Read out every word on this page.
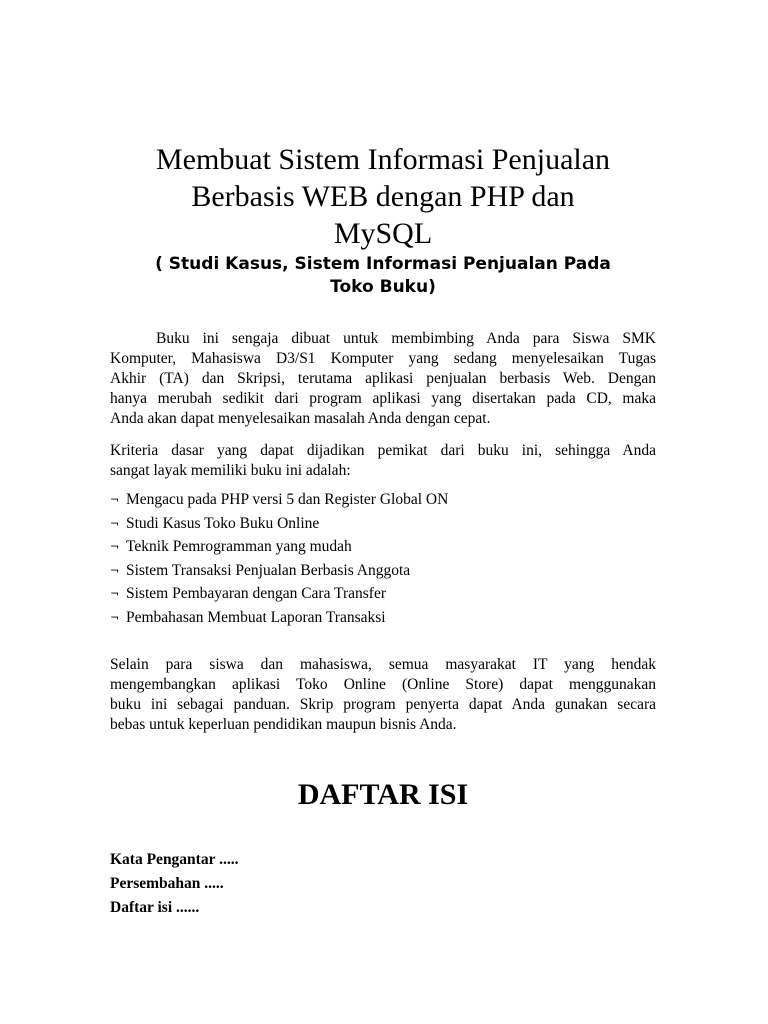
Membuat Sistem Informasi Penjualan
Berbasis WEB dengan PHP dan
MySQL
( Studi Kasus, Sistem Informasi Penjualan Pada
Toko Buku)

Buku ini sengaja dibuat untuk membimbing Anda para Siswa SMK
Komputer, Mahasiswa D3/S1 Komputer yang sedang menyelesaikan Tugas
Akhir (TA) dan Skripsi, terutama aplikasi penjualan berbasis Web. Dengan
hanya merubah sedikit dari program aplikasi yang disertakan pada CD, maka
Anda akan dapat menyelesaikan masalah Anda dengan cepat.

Kriteria dasar yang dapat dijadikan pemikat dari buku ini, sehingga Anda
sangat layak memiliki buku ini adalah:

¬ Mengacu pada PHP versi 5 dan Register Global ON
¬ Studi Kasus Toko Buku Online
¬ Teknik Pemrogramman yang mudah
¬ Sistem Transaksi Penjualan Berbasis Anggota
¬ Sistem Pembayaran dengan Cara Transfer
¬ Pembahasan Membuat Laporan Transaksi

Selain para siswa dan mahasiswa, semua masyarakat IT yang hendak
mengembangkan aplikasi Toko Online (Online Store) dapat menggunakan
buku ini sebagai panduan. Skrip program penyerta dapat Anda gunakan secara
bebas untuk keperluan pendidikan maupun bisnis Anda.

DAFTAR ISI
Kata Pengantar .....
Persembahan .....
Daftar isi ......
